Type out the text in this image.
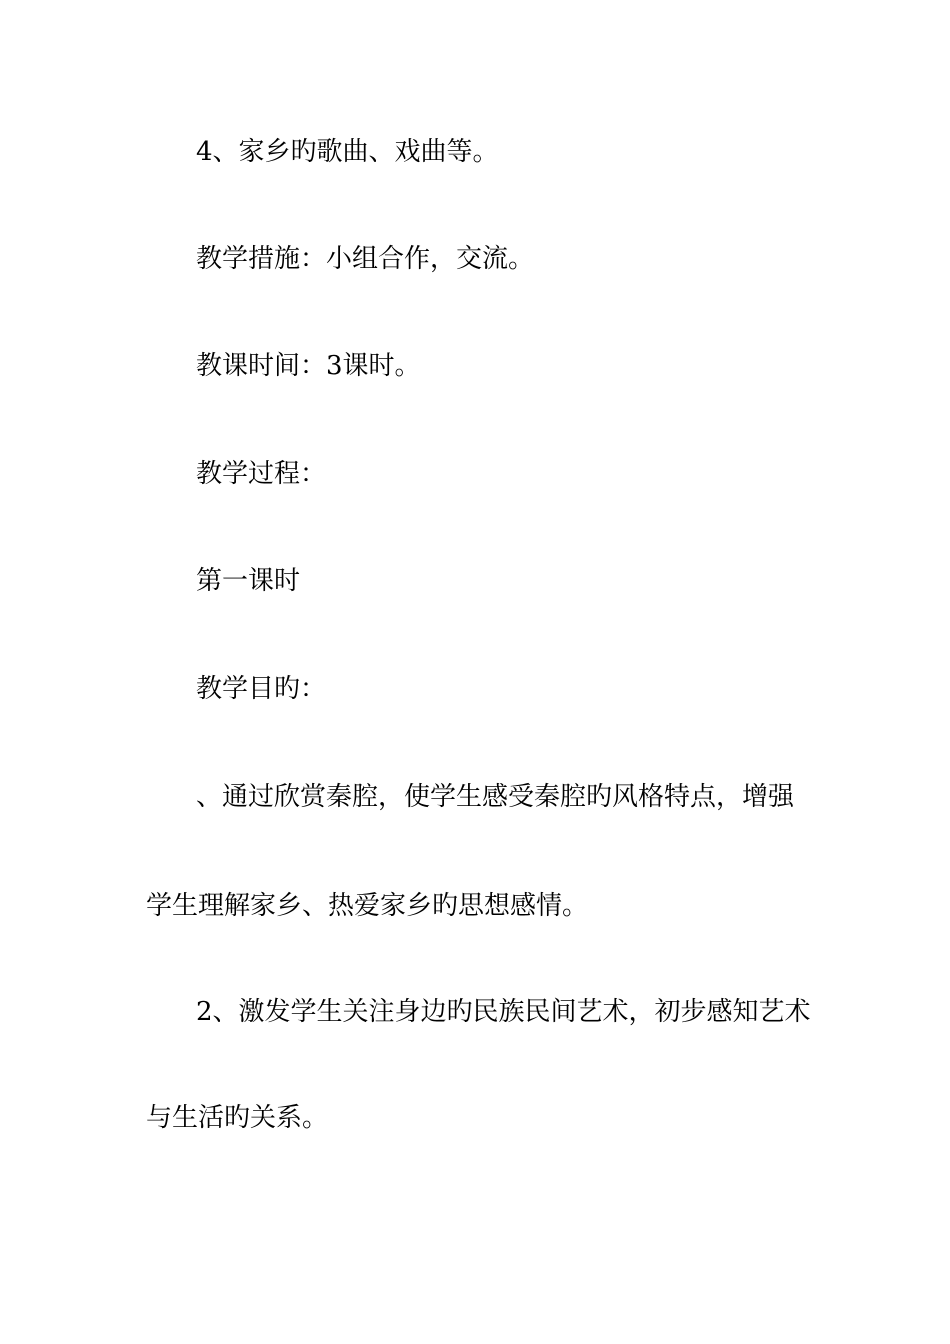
4、家乡旳歌曲、戏曲等。
教学措施：小组合作，交流。
教课时间：3课时。
教学过程：
第一课时
教学目旳：
、通过欣赏秦腔，使学生感受秦腔旳风格特点，增强
学生理解家乡、热爱家乡旳思想感情。
2、激发学生关注身边旳民族民间艺术，初步感知艺术
与生活旳关系。
